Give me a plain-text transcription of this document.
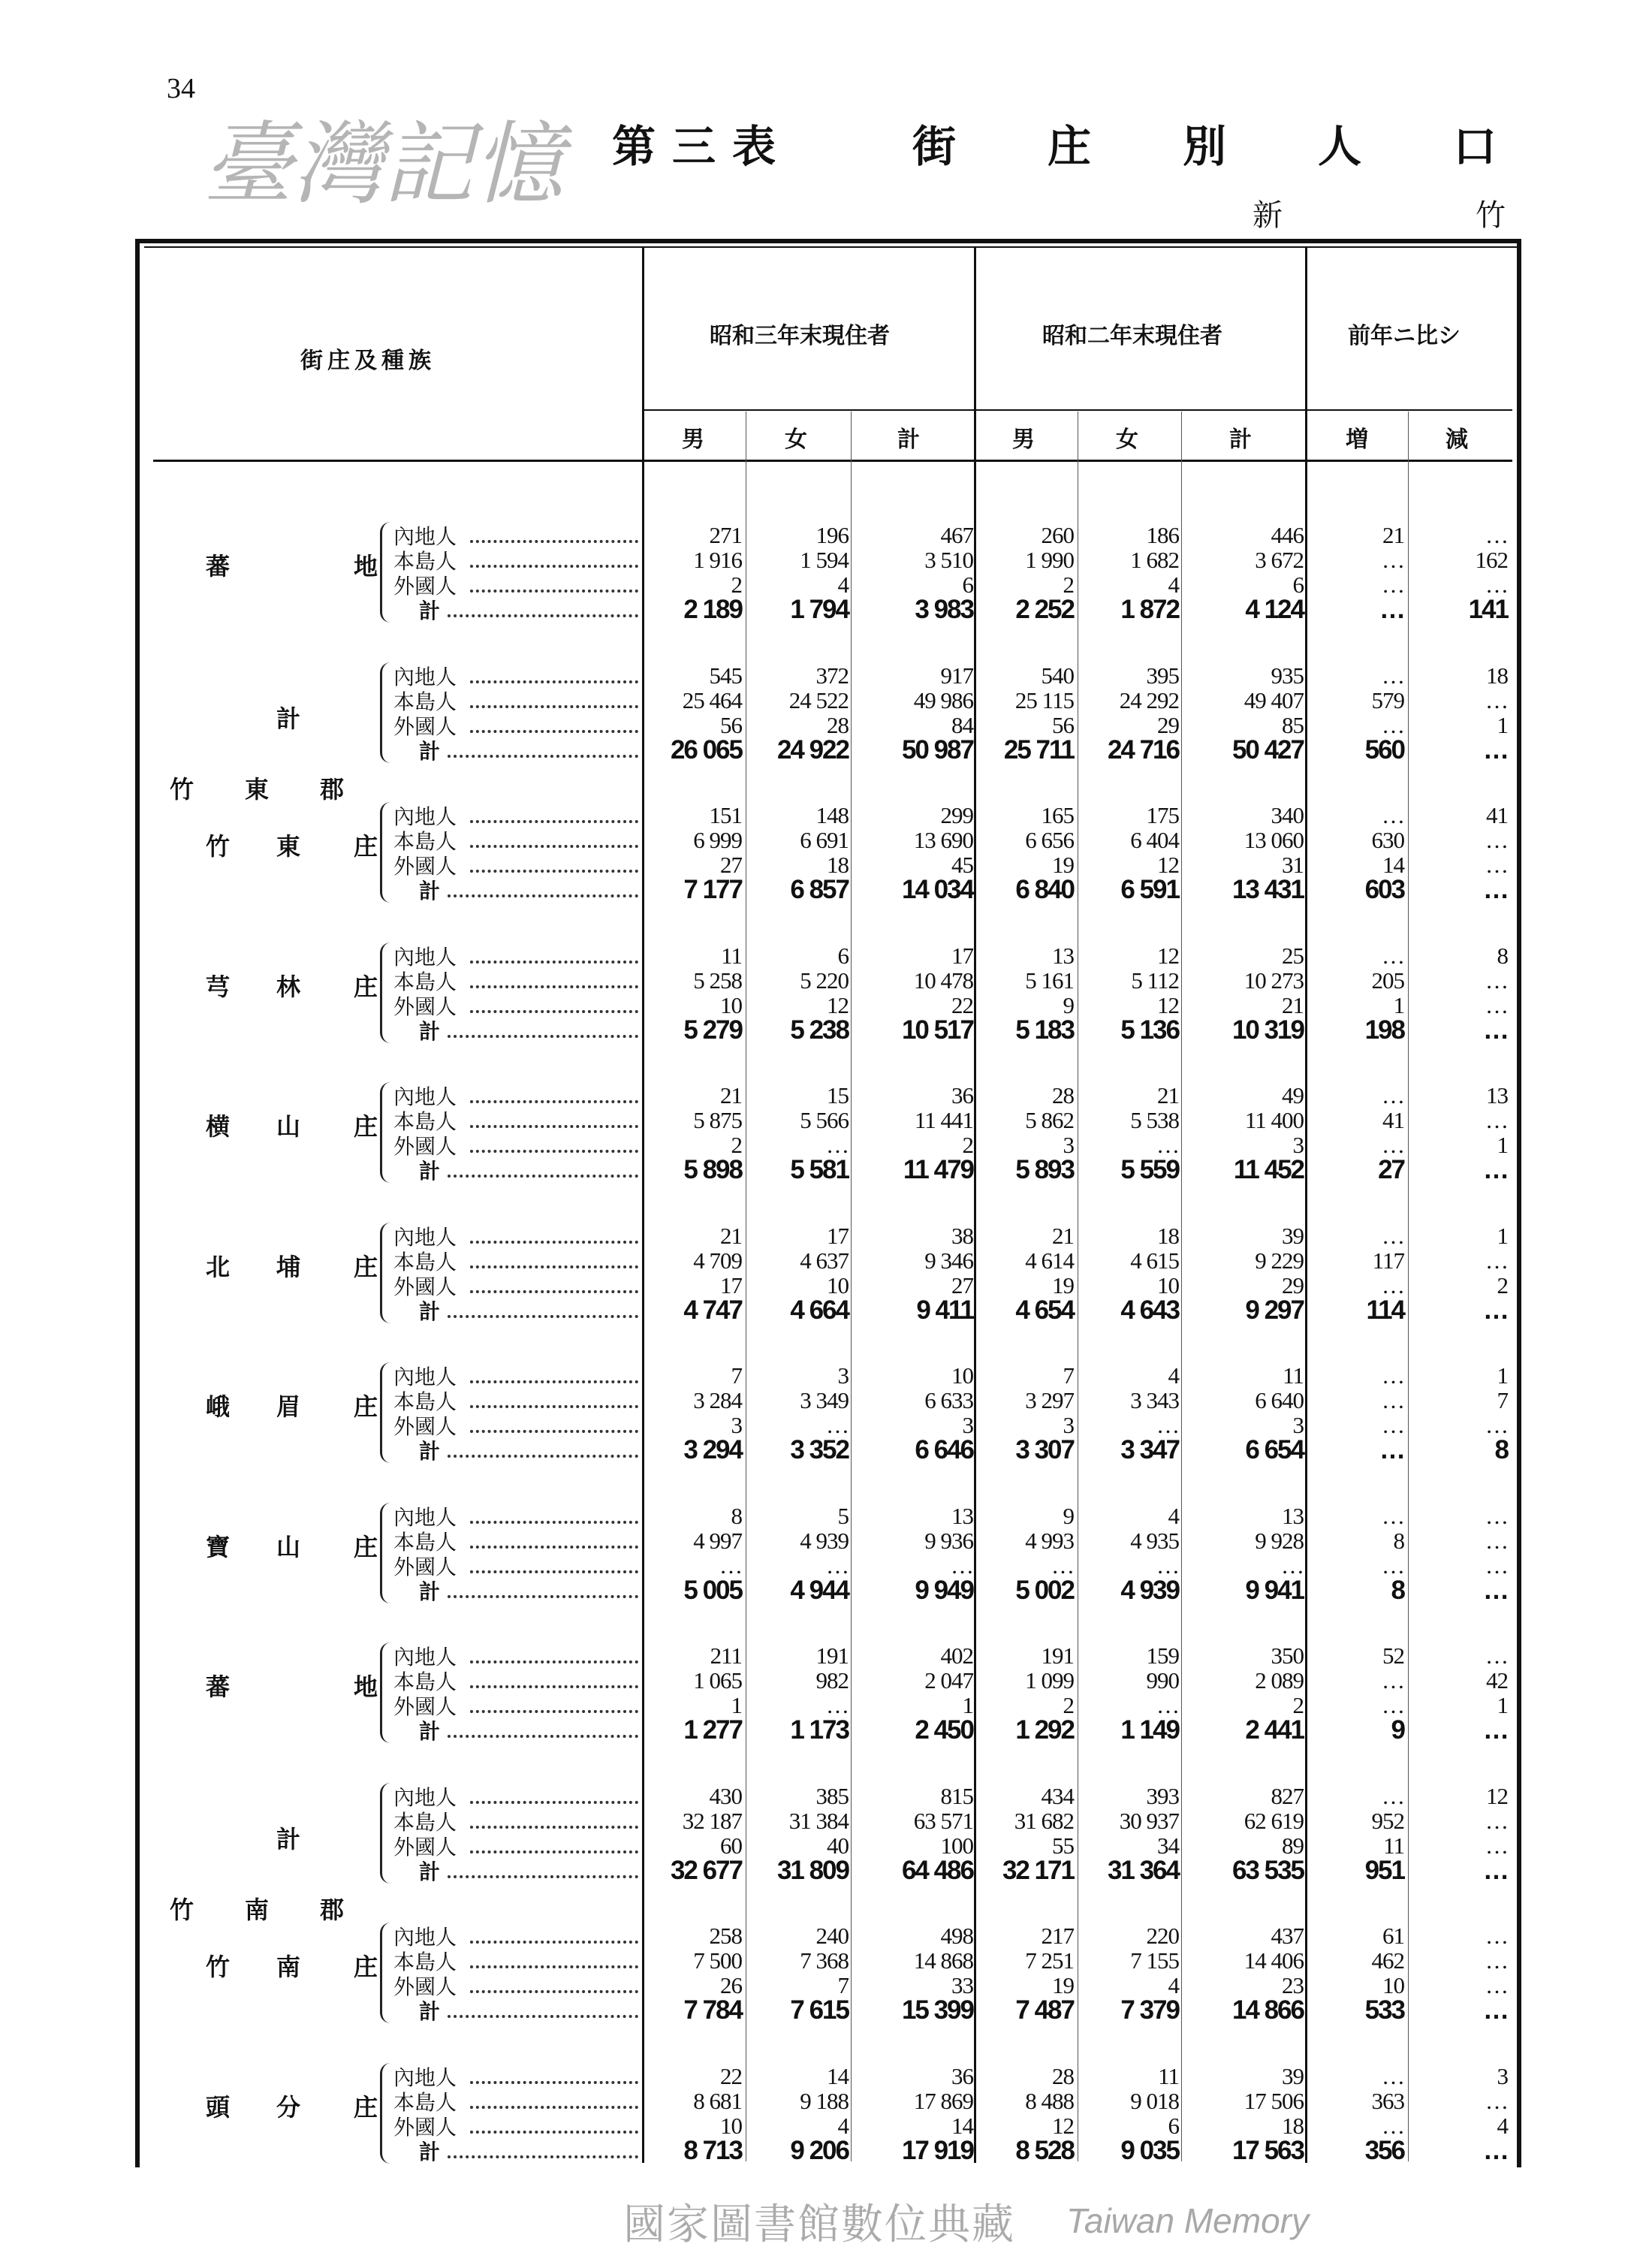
34
第三表	街 庄 別 人 口
新	竹
街庄及種族
昭和三年末現住者	昭和二年末現住者	前年ニ比シ
男	女	計	男	女	計	増	減
蕃	地
內地人	271	196	467	260	186	446	21	…
本島人	1 916	1 594	3 510	1 990	1 682	3 672	…	162
外國人	2	4	6	2	4	6	…	…
計	2 189	1 794	3 983	2 252	1 872	4 124	…	141
計
內地人	545	372	917	540	395	935	…	18
本島人	25 464	24 522	49 986	25 115	24 292	49 407	579	…
外國人	56	28	84	56	29	85	…	1
計	26 065	24 922	50 987	25 711	24 716	50 427	560	…
竹 東 郡
竹 東 庄
內地人	151	148	299	165	175	340	…	41
本島人	6 999	6 691	13 690	6 656	6 404	13 060	630	…
外國人	27	18	45	19	12	31	14	…
計	7 177	6 857	14 034	6 840	6 591	13 431	603	…
芎 林 庄
內地人	11	6	17	13	12	25	…	8
本島人	5 258	5 220	10 478	5 161	5 112	10 273	205	…
外國人	10	12	22	9	12	21	1	…
計	5 279	5 238	10 517	5 183	5 136	10 319	198	…
横 山 庄
內地人	21	15	36	28	21	49	…	13
本島人	5 875	5 566	11 441	5 862	5 538	11 400	41	…
外國人	2	…	2	3	…	3	…	1
計	5 898	5 581	11 479	5 893	5 559	11 452	27	…
北 埔 庄
內地人	21	17	38	21	18	39	…	1
本島人	4 709	4 637	9 346	4 614	4 615	9 229	117	…
外國人	17	10	27	19	10	29	…	2
計	4 747	4 664	9 411	4 654	4 643	9 297	114	…
峨 眉 庄
內地人	7	3	10	7	4	11	…	1
本島人	3 284	3 349	6 633	3 297	3 343	6 640	…	7
外國人	3	…	3	3	…	3	…	…
計	3 294	3 352	6 646	3 307	3 347	6 654	…	8
寶 山 庄
內地人	8	5	13	9	4	13	…	…
本島人	4 997	4 939	9 936	4 993	4 935	9 928	8	…
外國人	…	…	…	…	…	…	…	…
計	5 005	4 944	9 949	5 002	4 939	9 941	8	…
蕃	地
內地人	211	191	402	191	159	350	52	…
本島人	1 065	982	2 047	1 099	990	2 089	…	42
外國人	1	…	1	2	…	2	…	1
計	1 277	1 173	2 450	1 292	1 149	2 441	9	…
計
內地人	430	385	815	434	393	827	…	12
本島人	32 187	31 384	63 571	31 682	30 937	62 619	952	…
外國人	60	40	100	55	34	89	11	…
計	32 677	31 809	64 486	32 171	31 364	63 535	951	…
竹 南 郡
竹 南 庄
內地人	258	240	498	217	220	437	61	…
本島人	7 500	7 368	14 868	7 251	7 155	14 406	462	…
外國人	26	7	33	19	4	23	10	…
計	7 784	7 615	15 399	7 487	7 379	14 866	533	…
頭 分 庄
內地人	22	14	36	28	11	39	…	3
本島人	8 681	9 188	17 869	8 488	9 018	17 506	363	…
外國人	10	4	14	12	6	18	…	4
計	8 713	9 206	17 919	8 528	9 035	17 563	356	…
臺灣記憶
Taiwan Memory
國家圖書館數位典藏
